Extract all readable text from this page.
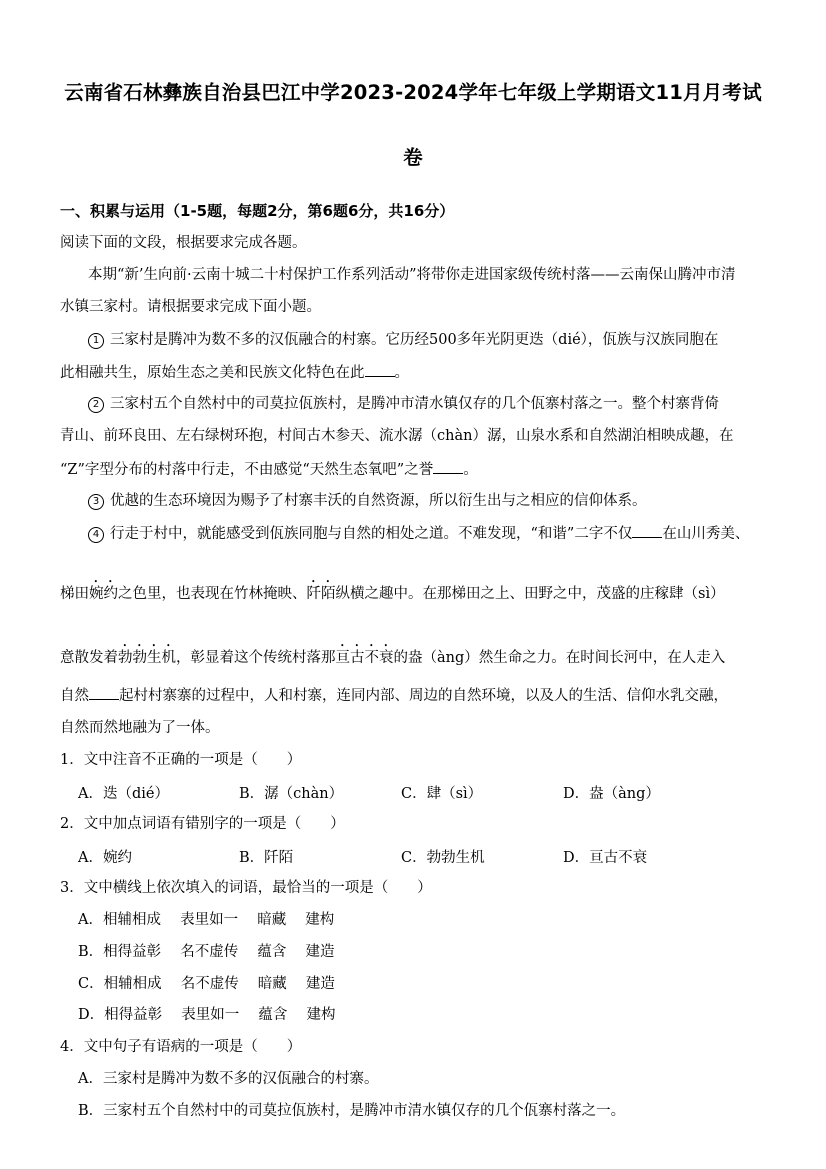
云南省石林彝族自治县巴江中学2023-2024学年七年级上学期语文11月月考试
卷
一、积累与运用（1-5题，每题2分，第6题6分，共16分）
阅读下面的文段，根据要求完成各题。
本期“新’生向前·云南十城二十村保护工作系列活动”将带你走进国家级传统村落——云南保山腾冲市清
水镇三家村。请根据要求完成下面小题。
1 三家村是腾冲为数不多的汉佤融合的村寨。它历经500多年光阴更迭（dié），佤族与汉族同胞在
此相融共生，原始生态之美和民族文化特色在此 。
2 三家村五个自然村中的司莫拉佤族村，是腾冲市清水镇仅存的几个佤寨村落之一。整个村寨背倚
青山、前环良田、左右绿树环抱，村间古木参天、流水潺（chàn）潺，山泉水系和自然湖泊相映成趣，在
“Z”字型分布的村落中行走，不由感觉“天然生态氧吧”之誉 。
3 优越的生态环境因为赐予了村寨丰沃的自然资源，所以衍生出与之相应的信仰体系。
4 行走于村中，就能感受到佤族同胞与自然的相处之道。不难发现，“和谐”二字不仅 在山川秀美、
梯田婉约之色里，也表现在竹林掩映、阡陌纵横之趣中。在那梯田之上、田野之中，茂盛的庄稼肆（sì）
意散发着勃勃生机，彰显着这个传统村落那亘古不衰的盎（àng）然生命之力。在时间长河中，在人走入
自然 起村村寨寨的过程中，人和村寨，连同内部、周边的自然环境，以及人的生活、信仰水乳交融，
自然而然地融为了一体。
1．文中注音不正确的一项是（　　）
A．迭（dié）	B．潺（chàn）	C．肆（sì）	D．盎（àng）
2．文中加点词语有错别字的一项是（　　）
A．婉约	B．阡陌	C．勃勃生机	D．亘古不衰
3．文中横线上依次填入的词语，最恰当的一项是（　　）
A．相辅相成　 表里如一　 暗藏　 建构
B．相得益彰　 名不虚传　 蕴含　 建造
C．相辅相成　 名不虚传　 暗藏　 建造
D．相得益彰　 表里如一　 蕴含　 建构
4．文中句子有语病的一项是（　　）
A．三家村是腾冲为数不多的汉佤融合的村寨。
B．三家村五个自然村中的司莫拉佤族村，是腾冲市清水镇仅存的几个佤寨村落之一。
